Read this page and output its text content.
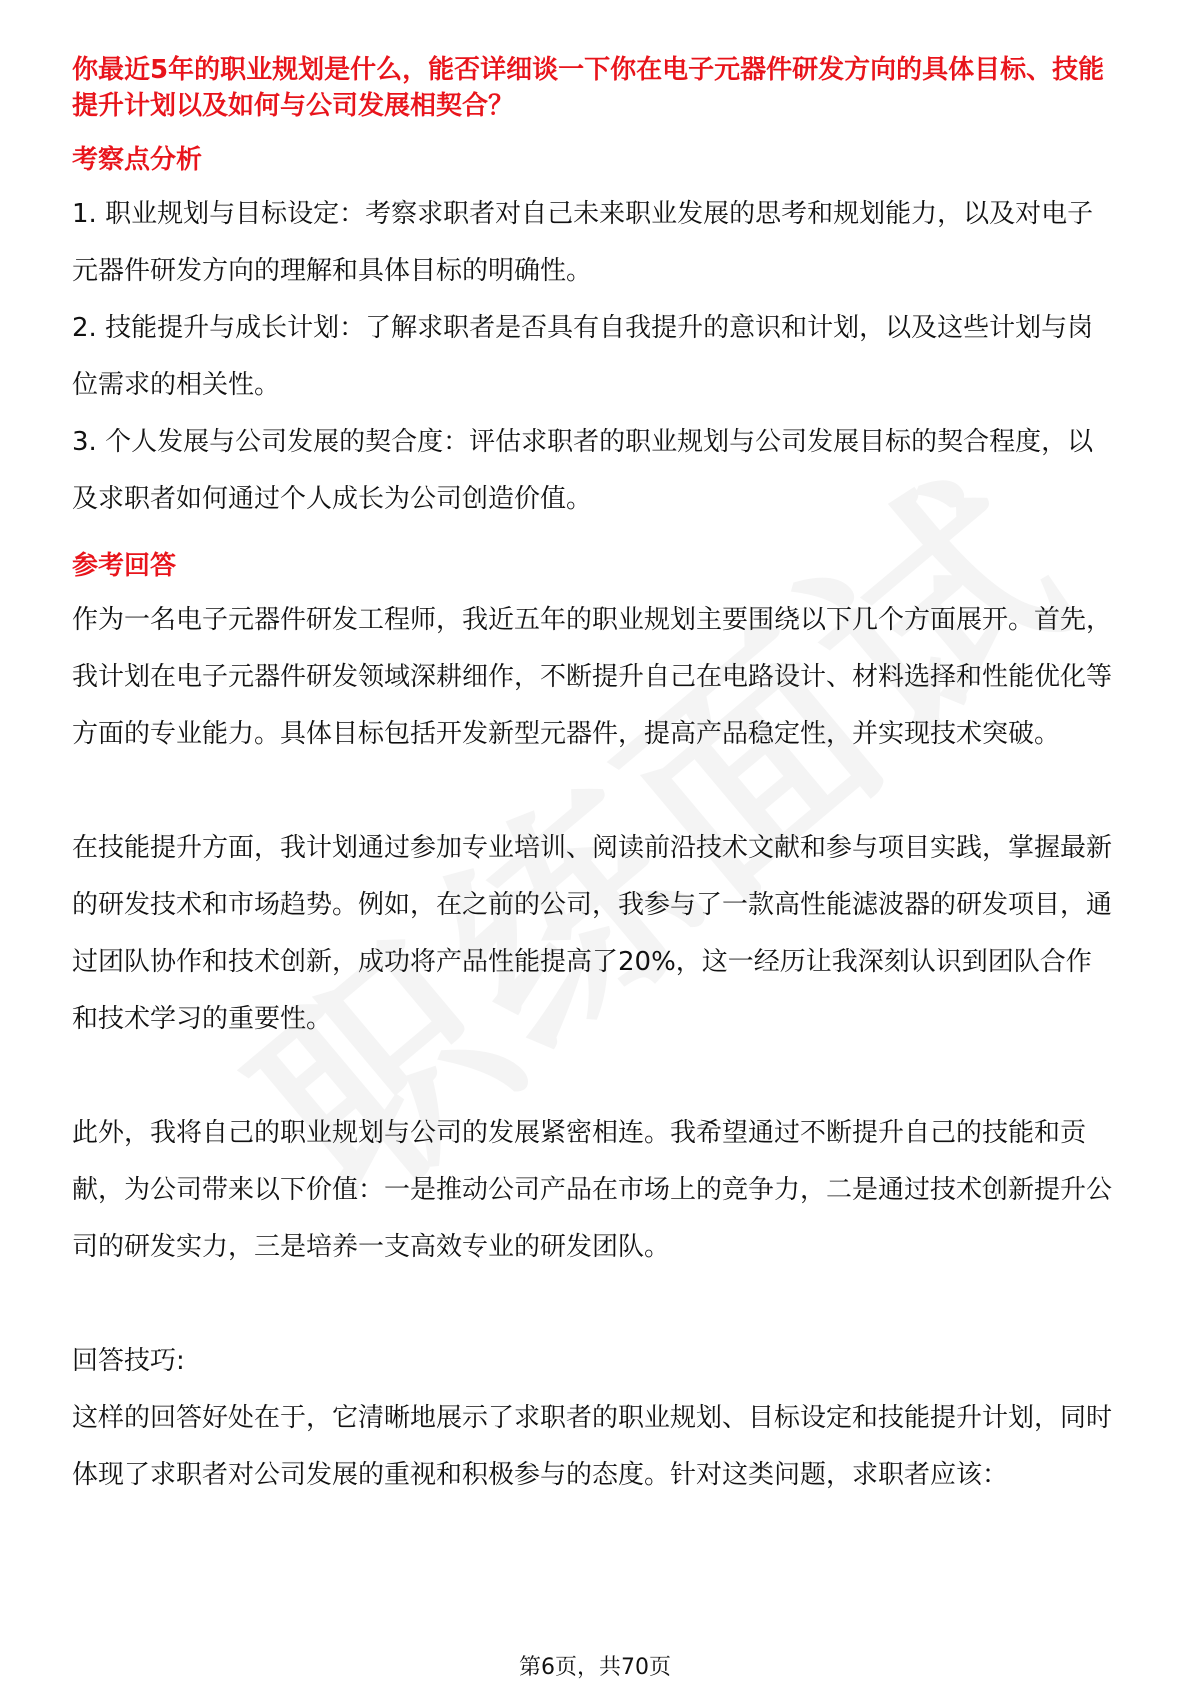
你最近5年的职业规划是什么，能否详细谈一下你在电子元器件研发方向的具体目标、技能提升计划以及如何与公司发展相契合？
考察点分析

1. 职业规划与目标设定：考察求职者对自己未来职业发展的思考和规划能力，以及对电子元器件研发方向的理解和具体目标的明确性。

2. 技能提升与成长计划：了解求职者是否具有自我提升的意识和计划，以及这些计划与岗位需求的相关性。

3. 个人发展与公司发展的契合度：评估求职者的职业规划与公司发展目标的契合程度，以及求职者如何通过个人成长为公司创造价值。

参考回答

作为一名电子元器件研发工程师，我近五年的职业规划主要围绕以下几个方面展开。首先，我计划在电子元器件研发领域深耕细作，不断提升自己在电路设计、材料选择和性能优化等方面的专业能力。具体目标包括开发新型元器件，提高产品稳定性，并实现技术突破。

在技能提升方面，我计划通过参加专业培训、阅读前沿技术文献和参与项目实践，掌握最新的研发技术和市场趋势。例如，在之前的公司，我参与了一款高性能滤波器的研发项目，通过团队协作和技术创新，成功将产品性能提高了20%，这一经历让我深刻认识到团队合作和技术学习的重要性。

此外，我将自己的职业规划与公司的发展紧密相连。我希望通过不断提升自己的技能和贡献，为公司带来以下价值：一是推动公司产品在市场上的竞争力，二是通过技术创新提升公司的研发实力，三是培养一支高效专业的研发团队。

回答技巧:

这样的回答好处在于，它清晰地展示了求职者的职业规划、目标设定和技能提升计划，同时体现了求职者对公司发展的重视和积极参与的态度。针对这类问题，求职者应该：

第6页，共70页
